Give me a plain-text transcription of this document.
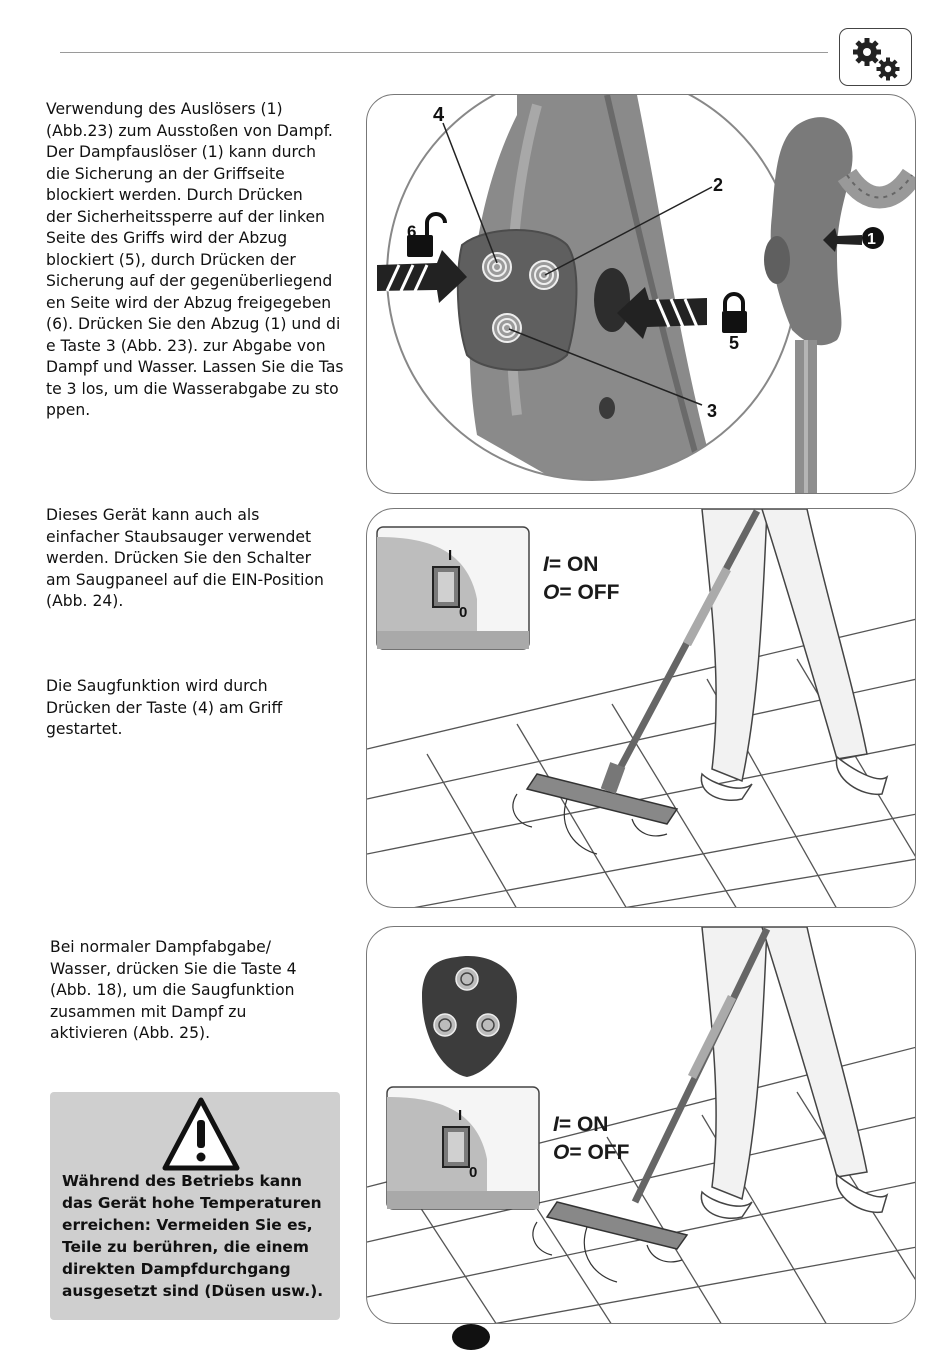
Verwendung des Auslösers (1)
(Abb.23) zum Ausstoßen von Dampf.
Der Dampfauslöser (1) kann durch
die Sicherung an der Griffseite
blockiert werden. Durch Drücken
der Sicherheitssperre auf der linken
Seite des Griffs wird der Abzug
blockiert (5), durch Drücken der
Sicherung auf der gegenüberliegend
en Seite wird der Abzug freigegeben
(6). Drücken Sie den Abzug (1) und di
e Taste 3 (Abb. 23). zur Abgabe von
Dampf und Wasser. Lassen Sie die Tas
te 3 los, um die Wasserabgabe zu sto
ppen.
Dieses Gerät kann auch als
einfacher Staubsauger verwendet
werden. Drücken Sie den Schalter
am Saugpaneel auf die EIN-Position
(Abb. 24).
Die Saugfunktion wird durch
Drücken der Taste (4) am Griff
gestartet.
Bei normaler Dampfabgabe/
Wasser, drücken Sie die Taste 4
(Abb. 18), um die Saugfunktion
zusammen mit Dampf zu
aktivieren (Abb. 25).
Während des Betriebs kann
das Gerät hohe Temperaturen
erreichen: Vermeiden Sie es,
Teile zu berühren, die einem
direkten Dampfdurchgang
ausgesetzt sind (Düsen usw.).
4
2
6	1
5
3
I
0
I= ON
O= OFF
I
0
I= ON
O= OFF
